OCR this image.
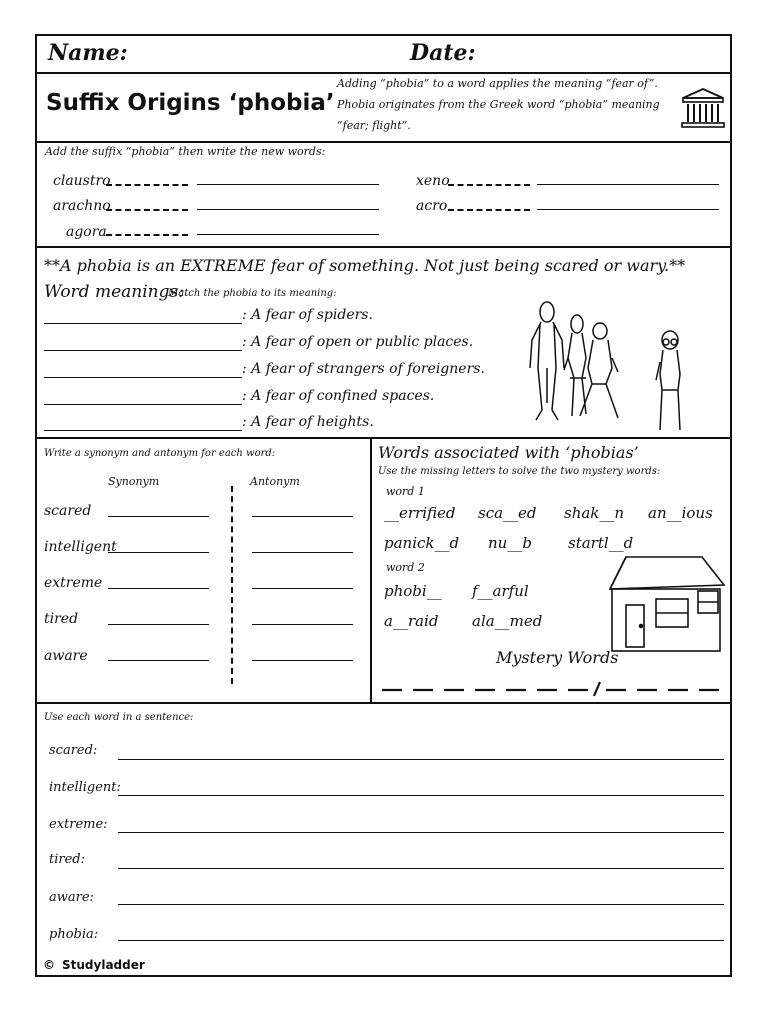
Name:	Date:
Suffix Origins ‘phobia’
Adding “phobia” to a word applies the meaning “fear of”.
Phobia originates from the Greek word “phobia” meaning
“fear; flight”.
Add the suffix “phobia” then write the new words:
claustro
arachno
agora
xeno
acro
**A phobia is an EXTREME fear of something. Not just being scared or wary.**
Word meanings:
Match the phobia to its meaning:
: A fear of spiders.
: A fear of open or public places.
: A fear of strangers of foreigners.
: A fear of confined spaces.
: A fear of heights.
Write a synonym and antonym for each word:
Synonym	Antonym
scared
intelligent
extreme
tired
aware
Words associated with ‘phobias’
Use the missing letters to solve the two mystery words:
word 1
__errified sca__ed shak__n an__ious
panick__d nu__b startl__d
word 2
phobi__ f__arful
a__raid ala__med
Mystery Words
Use each word in a sentence:
scared:
intelligent:
extreme:
tired:
aware:
phobia:
© Studyladder
